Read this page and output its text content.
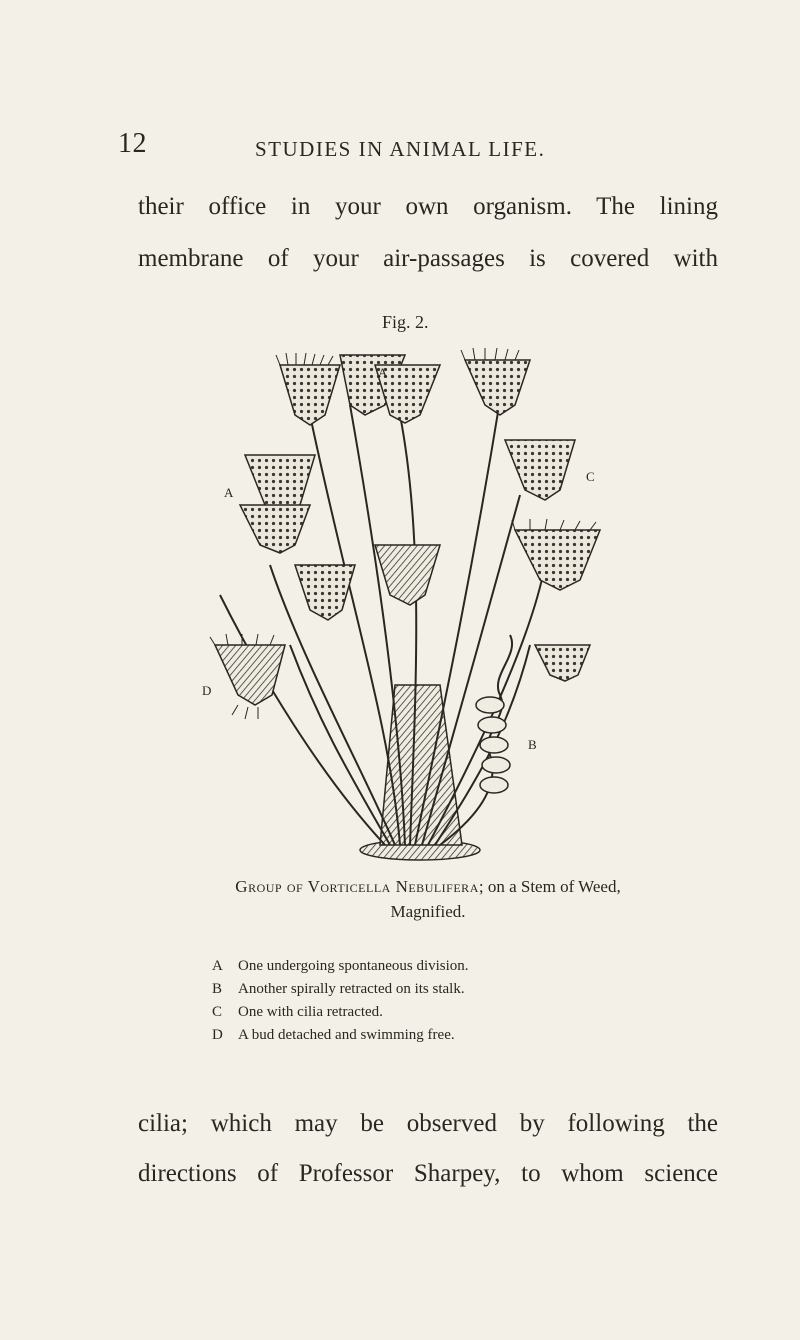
12	STUDIES IN ANIMAL LIFE.
their office in your own organism. The lining
membrane of your air-passages is covered with
Fig. 2.
A
A
C
D
B
Group of Vorticella Nebulifera; on a Stem of Weed,
Magnified.
A	One undergoing spontaneous division.
B	Another spirally retracted on its stalk.
C	One with cilia retracted.
D	A bud detached and swimming free.
cilia; which may be observed by following the
directions of Professor Sharpey, to whom science
